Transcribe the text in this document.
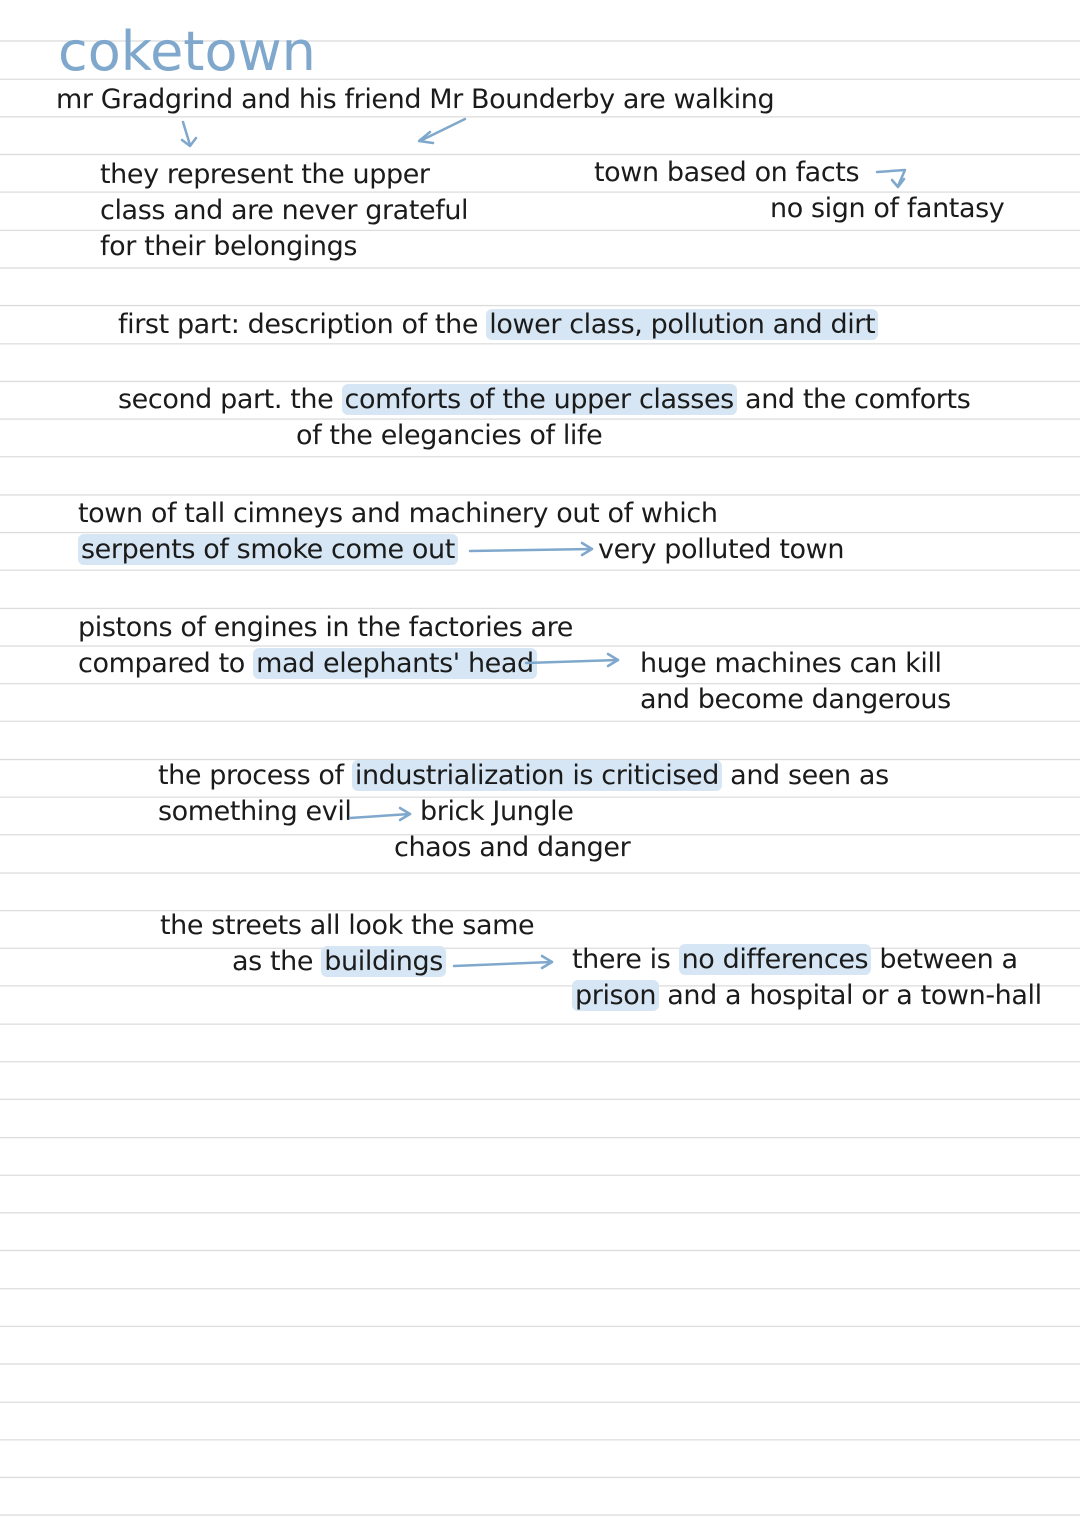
coketown
mr Gradgrind and his friend Mr Bounderby are walking
they represent the upper
class and are never grateful
for their belongings
town based on facts
no sign of fantasy
first part: description of the lower class, pollution and dirt
second part. the comforts of the upper classes and the comforts
of the elegancies of life
town of tall cimneys and machinery out of which
serpents of smoke come out	very polluted town
pistons of engines in the factories are
compared to mad elephants' head	huge machines can kill
and become dangerous
the process of industrialization is criticised and seen as
something evil	brick Jungle
chaos and danger
the streets all look the same
as the buildings	there is no differences between a
prison and a hospital or a town-hall
